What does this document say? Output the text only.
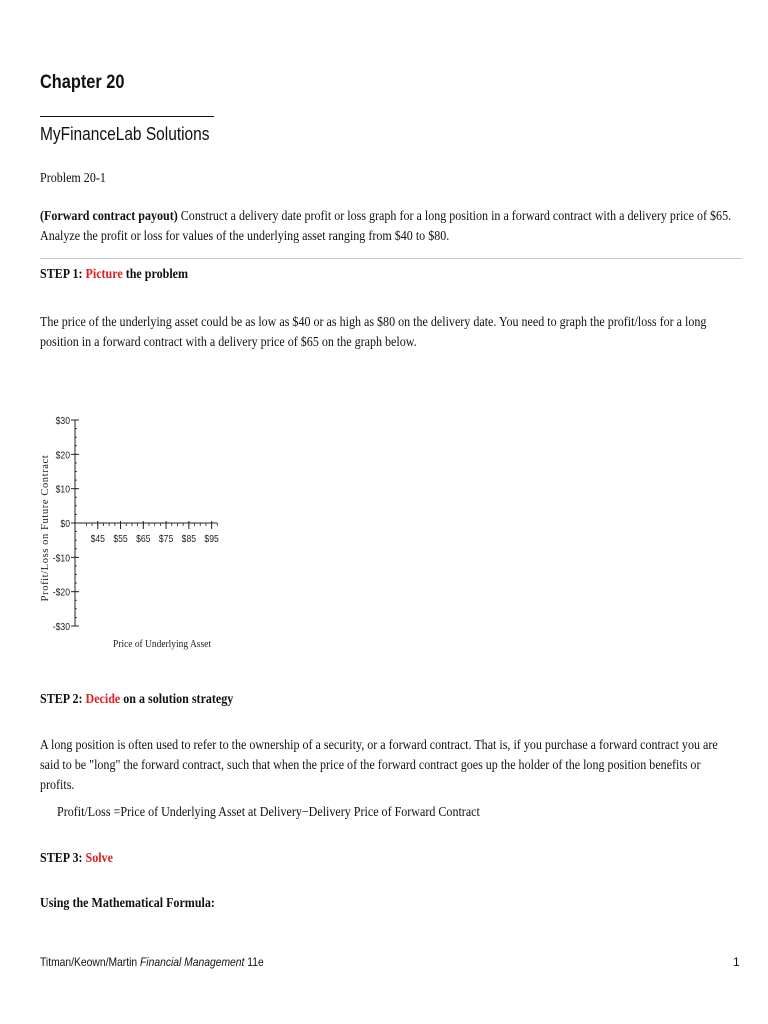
Chapter 20
MyFinanceLab Solutions
Problem 20-1
(Forward contract payout) Construct a delivery date profit or loss graph for a long position in a forward contract with a delivery price of $65. Analyze the profit or loss for values of the underlying asset ranging from $40 to $80.
STEP 1: Picture the problem
The price of the underlying asset could be as low as $40 or as high as $80 on the delivery date. You need to graph the profit/loss for a long position in a forward contract with a delivery price of $65 on the graph below.
Profit/Loss on Future Contract
$30
$20
$10
$0
-$10
-$20
-$30
$45 $55 $65 $75 $85 $95
Price of Underlying Asset
STEP 2: Decide on a solution strategy
A long position is often used to refer to the ownership of a security, or a forward contract. That is, if you purchase a forward contract you are said to be "long" the forward contract, such that when the price of the forward contract goes up the holder of the long position benefits or profits.
Profit/Loss =Price of Underlying Asset at Delivery−Delivery Price of Forward Contract
STEP 3: Solve
Using the Mathematical Formula:
Titman/Keown/Martin Financial Management 11e	1
